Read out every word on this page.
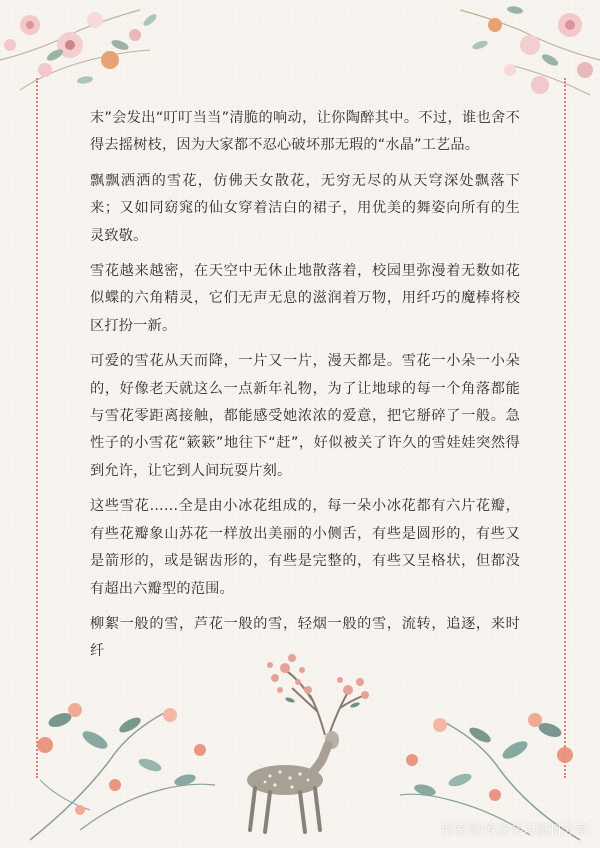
末”会发出“叮叮当当”清脆的响动，让你陶醉其中。不过，谁也舍不得去摇树枝，因为大家都不忍心破坏那无瑕的“水晶”工艺品。

飘飘洒洒的雪花，仿佛天女散花，无穷无尽的从天穹深处飘落下来；又如同窈窕的仙女穿着洁白的裙子，用优美的舞姿向所有的生灵致敬。

雪花越来越密，在天空中无休止地散落着，校园里弥漫着无数如花似蝶的六角精灵，它们无声无息的滋润着万物，用纤巧的魔棒将校区打扮一新。

可爱的雪花从天而降，一片又一片，漫天都是。雪花一小朵一小朵的，好像老天就这么一点新年礼物，为了让地球的每一个角落都能与雪花零距离接触，都能感受她浓浓的爱意，把它掰碎了一般。急性子的小雪花“簌簌”地往下“赶”，好似被关了许久的雪娃娃突然得到允许，让它到人间玩耍片刻。

这些雪花……全是由小冰花组成的，每一朵小冰花都有六片花瓣，有些花瓣象山苏花一样放出美丽的小侧舌，有些是圆形的，有些又是箭形的，或是锯齿形的，有些是完整的，有些又呈格状，但都没有超出六瓣型的范围。

柳絮一般的雪，芦花一般的雪，轻烟一般的雪，流转，追逐，来时纤

百家号/专注学习资料分享
